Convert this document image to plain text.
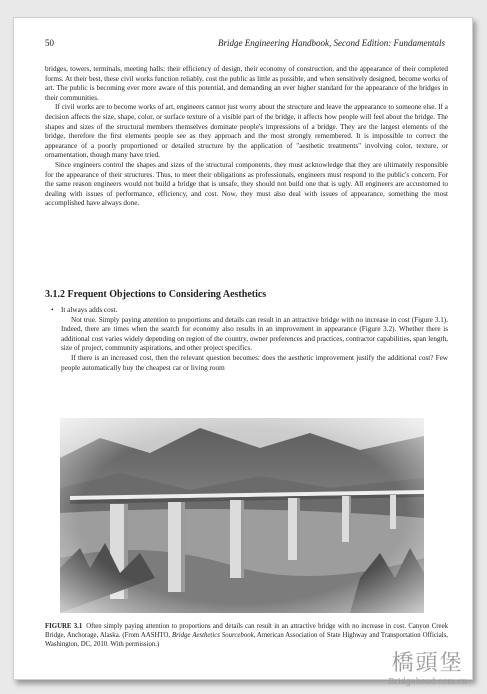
50	Bridge Engineering Handbook, Second Edition: Fundamentals

bridges, towers, terminals, meeting halls: their efficiency of design, their economy of construction, and the appearance of their completed forms. At their best, these civil works function reliably, cost the public as little as possible, and when sensitively designed, become works of art. The public is becoming ever more aware of this potential, and demanding an ever higher standard for the appearance of the bridges in their communities.

If civil works are to become works of art, engineers cannot just worry about the structure and leave the appearance to someone else. If a decision affects the size, shape, color, or surface texture of a visible part of the bridge, it affects how people will feel about the bridge. The shapes and sizes of the structural members themselves dominate people's impressions of a bridge. They are the largest elements of the bridge, therefore the first elements people see as they approach and the most strongly remembered. It is impossible to correct the appearance of a poorly proportioned or detailed structure by the application of "aesthetic treatments" involving color, texture, or ornamentation, though many have tried.

Since engineers control the shapes and sizes of the structural components, they must acknowledge that they are ultimately responsible for the appearance of their structures. Thus, to meet their obligations as professionals, engineers must respond to the public's concern. For the same reason engineers would not build a bridge that is unsafe, they should not build one that is ugly. All engineers are accustomed to dealing with issues of performance, efficiency, and cost. Now, they must also deal with issues of appearance, something the most accomplished have always done.

3.1.2 Frequent Objections to Considering Aesthetics
• It always adds cost.

Not true. Simply paying attention to proportions and details can result in an attractive bridge with no increase in cost (Figure 3.1). Indeed, there are times when the search for economy also results in an improvement in appearance (Figure 3.2). Whether there is additional cost varies widely depending on region of the country, owner preferences and practices, contractor capabilities, span length, size of project, community aspirations, and other project specifics.

If there is an increased cost, then the relevant question becomes: does the aesthetic improvement justify the additional cost? Few people automatically buy the cheapest car or living room

FIGURE 3.1 Often simply paying attention to proportions and details can result in an attractive bridge with no increase in cost. Canyon Creek Bridge, Anchorage, Alaska. (From AASHTO, Bridge Aesthetics Sourcebook, American Association of State Highway and Transportation Officials, Washington, DC, 2010. With permission.)
橋頭堡
Bridgehead.com.cn
